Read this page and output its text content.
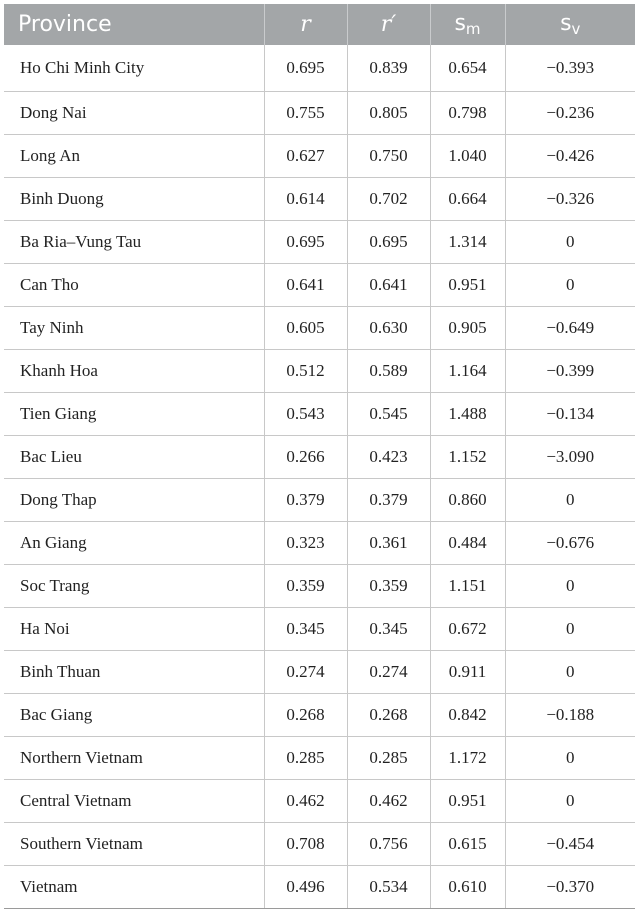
Province	r	r′	$s_m$	$s_v$
Ho Chi Minh City	0.695	0.839	0.654	−0.393
Dong Nai	0.755	0.805	0.798	−0.236
Long An	0.627	0.750	1.040	−0.426
Binh Duong	0.614	0.702	0.664	−0.326
Ba Ria–Vung Tau	0.695	0.695	1.314	0
Can Tho	0.641	0.641	0.951	0
Tay Ninh	0.605	0.630	0.905	−0.649
Khanh Hoa	0.512	0.589	1.164	−0.399
Tien Giang	0.543	0.545	1.488	−0.134
Bac Lieu	0.266	0.423	1.152	−3.090
Dong Thap	0.379	0.379	0.860	0
An Giang	0.323	0.361	0.484	−0.676
Soc Trang	0.359	0.359	1.151	0
Ha Noi	0.345	0.345	0.672	0
Binh Thuan	0.274	0.274	0.911	0
Bac Giang	0.268	0.268	0.842	−0.188
Northern Vietnam	0.285	0.285	1.172	0
Central Vietnam	0.462	0.462	0.951	0
Southern Vietnam	0.708	0.756	0.615	−0.454
Vietnam	0.496	0.534	0.610	−0.370
